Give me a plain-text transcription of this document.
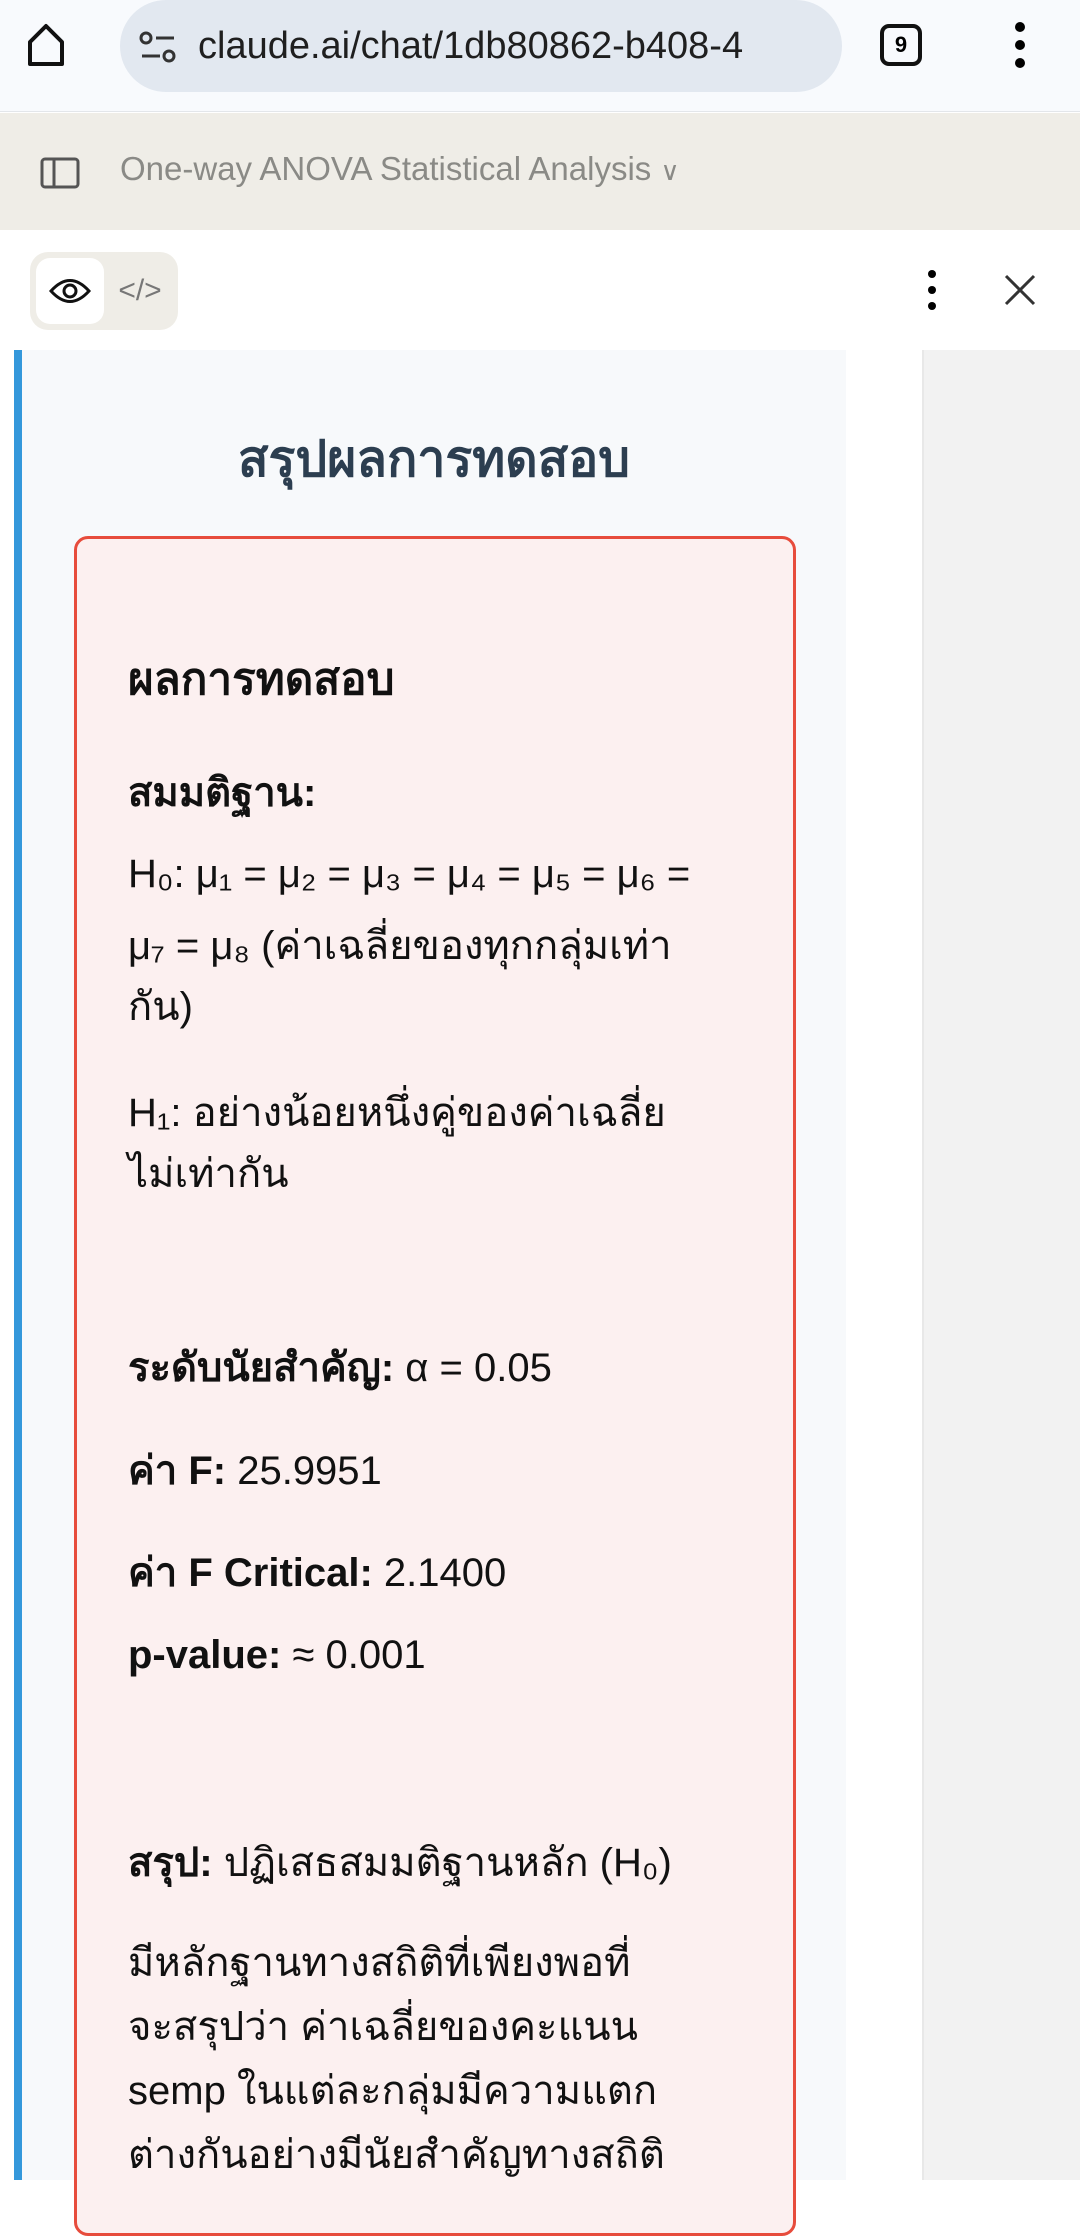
claude.ai/chat/1db80862-b408-4	9
One-way ANOVA Statistical Analysis ∨
</>
สรุปผลการทดสอบ
ผลการทดสอบ
สมมติฐาน:
H₀: μ₁ = μ₂ = μ₃ = μ₄ = μ₅ = μ₆ =
μ₇ = μ₈ (ค่าเฉลี่ยของทุกกลุ่มเท่า
กัน)
H₁: อย่างน้อยหนึ่งคู่ของค่าเฉลี่ย
ไม่เท่ากัน
ระดับนัยสำคัญ: α = 0.05
ค่า F: 25.9951
ค่า F Critical: 2.1400
p-value: ≈ 0.001
สรุป: ปฏิเสธสมมติฐานหลัก (H₀)
มีหลักฐานทางสถิติที่เพียงพอที่
จะสรุปว่า ค่าเฉลี่ยของคะแนน
semp ในแต่ละกลุ่มมีความแตก
ต่างกันอย่างมีนัยสำคัญทางสถิติ
